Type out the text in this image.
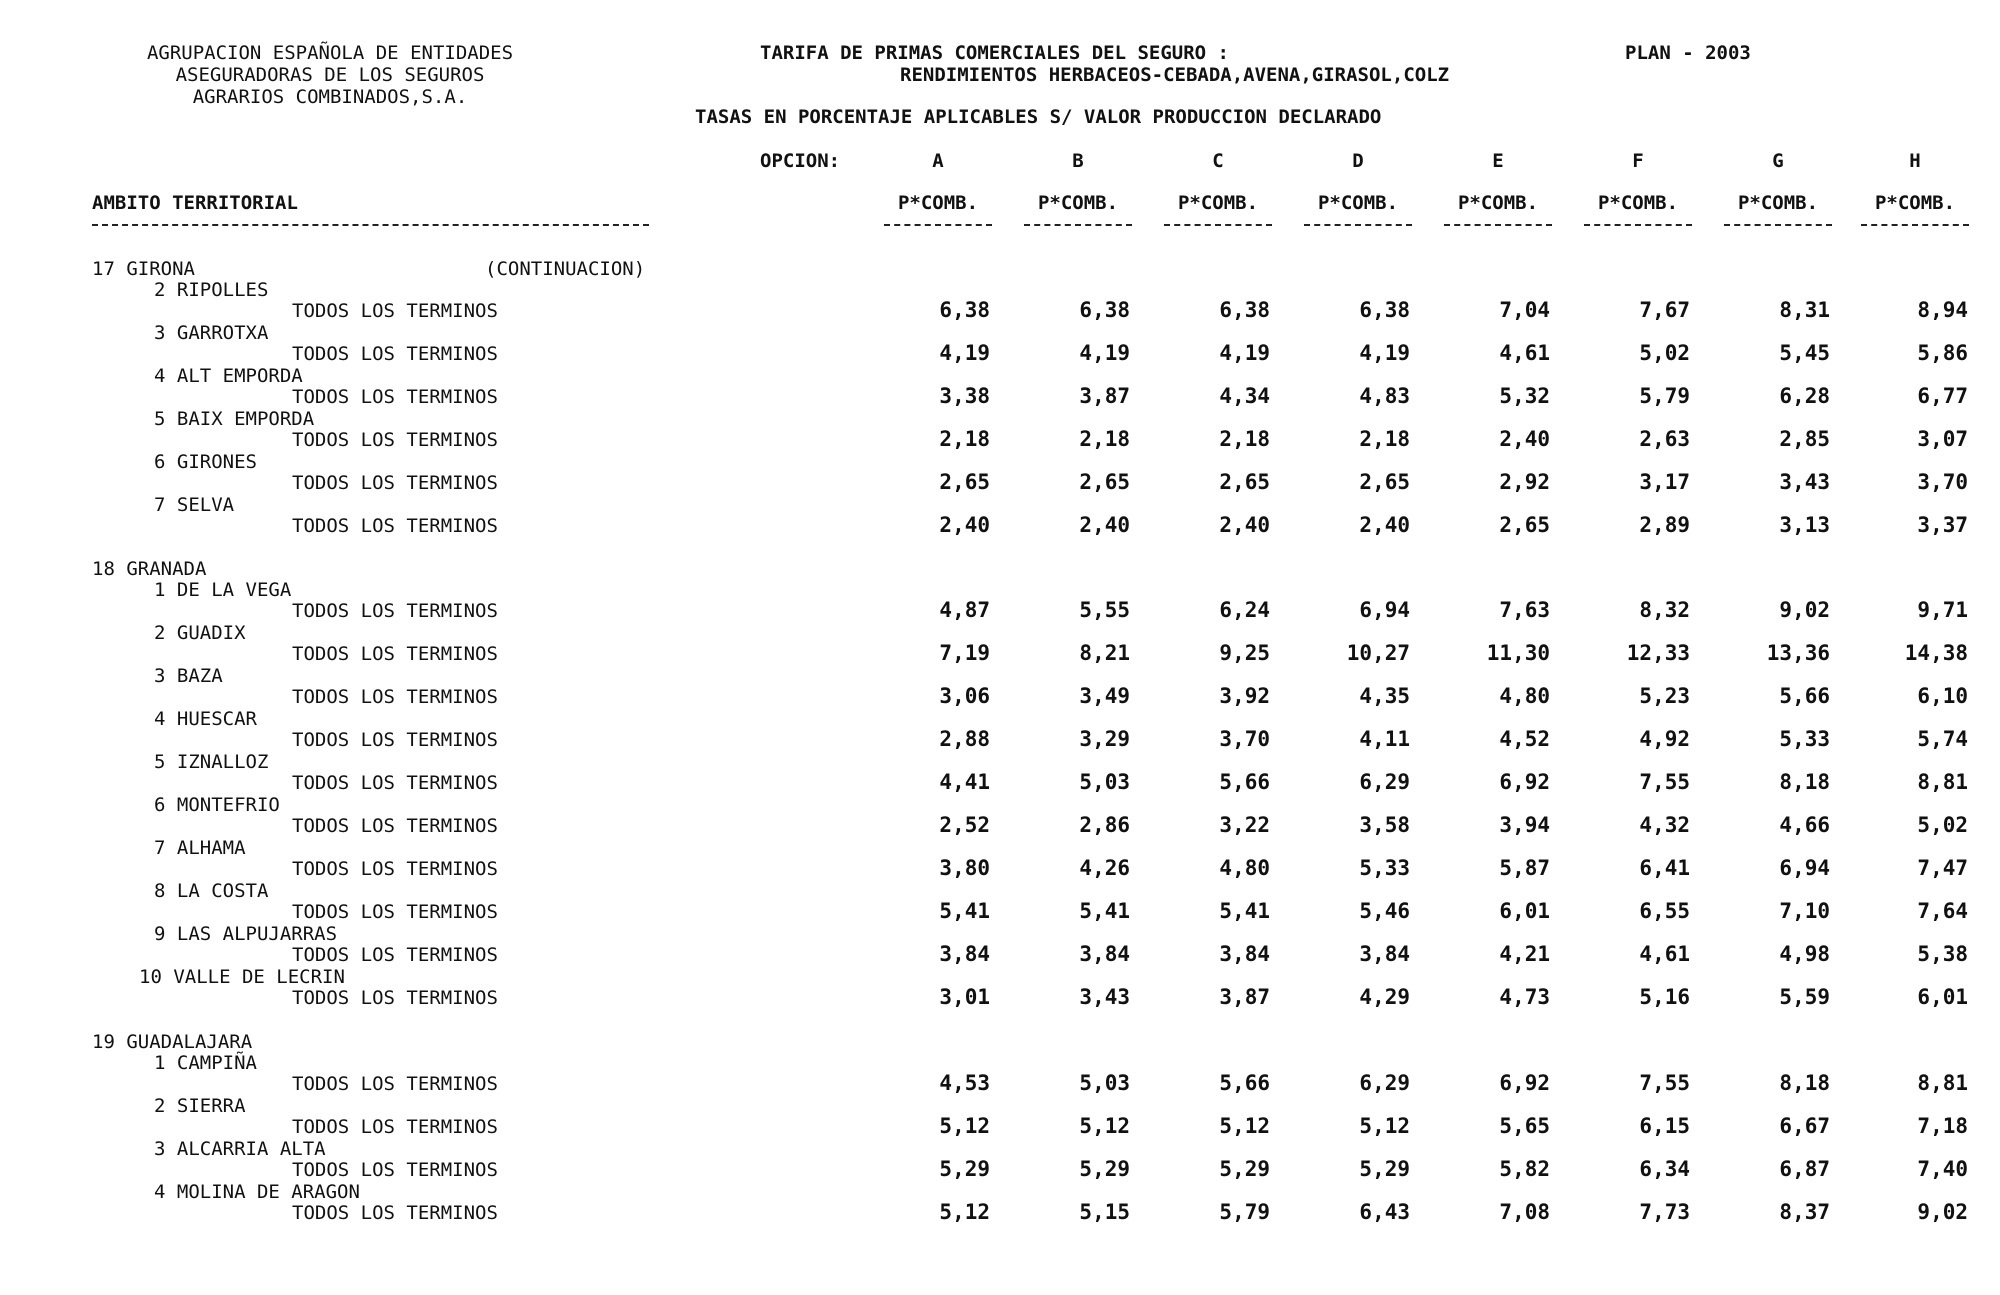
AGRUPACION ESPAÑOLA DE ENTIDADES
ASEGURADORAS DE LOS SEGUROS
AGRARIOS COMBINADOS,S.A.
TARIFA DE PRIMAS COMERCIALES DEL SEGURO :	PLAN - 2003
RENDIMIENTOS HERBACEOS-CEBADA,AVENA,GIRASOL,COLZ
TASAS EN PORCENTAJE APLICABLES S/ VALOR PRODUCCION DECLARADO
OPCION:	A	B	C	D	E	F	G	H
AMBITO TERRITORIAL	P*COMB.	P*COMB.	P*COMB.	P*COMB.	P*COMB.	P*COMB.	P*COMB.	P*COMB.
17 GIRONA	(CONTINUACION)
2 RIPOLLES
TODOS LOS TERMINOS	6,38	6,38	6,38	6,38	7,04	7,67	8,31	8,94
3 GARROTXA
TODOS LOS TERMINOS	4,19	4,19	4,19	4,19	4,61	5,02	5,45	5,86
4 ALT EMPORDA
TODOS LOS TERMINOS	3,38	3,87	4,34	4,83	5,32	5,79	6,28	6,77
5 BAIX EMPORDA
TODOS LOS TERMINOS	2,18	2,18	2,18	2,18	2,40	2,63	2,85	3,07
6 GIRONES
TODOS LOS TERMINOS	2,65	2,65	2,65	2,65	2,92	3,17	3,43	3,70
7 SELVA
TODOS LOS TERMINOS	2,40	2,40	2,40	2,40	2,65	2,89	3,13	3,37
18 GRANADA
1 DE LA VEGA
TODOS LOS TERMINOS	4,87	5,55	6,24	6,94	7,63	8,32	9,02	9,71
2 GUADIX
TODOS LOS TERMINOS	7,19	8,21	9,25	10,27	11,30	12,33	13,36	14,38
3 BAZA
TODOS LOS TERMINOS	3,06	3,49	3,92	4,35	4,80	5,23	5,66	6,10
4 HUESCAR
TODOS LOS TERMINOS	2,88	3,29	3,70	4,11	4,52	4,92	5,33	5,74
5 IZNALLOZ
TODOS LOS TERMINOS	4,41	5,03	5,66	6,29	6,92	7,55	8,18	8,81
6 MONTEFRIO
TODOS LOS TERMINOS	2,52	2,86	3,22	3,58	3,94	4,32	4,66	5,02
7 ALHAMA
TODOS LOS TERMINOS	3,80	4,26	4,80	5,33	5,87	6,41	6,94	7,47
8 LA COSTA
TODOS LOS TERMINOS	5,41	5,41	5,41	5,46	6,01	6,55	7,10	7,64
9 LAS ALPUJARRAS
TODOS LOS TERMINOS	3,84	3,84	3,84	3,84	4,21	4,61	4,98	5,38
10 VALLE DE LECRIN
TODOS LOS TERMINOS	3,01	3,43	3,87	4,29	4,73	5,16	5,59	6,01
19 GUADALAJARA
1 CAMPIÑA
TODOS LOS TERMINOS	4,53	5,03	5,66	6,29	6,92	7,55	8,18	8,81
2 SIERRA
TODOS LOS TERMINOS	5,12	5,12	5,12	5,12	5,65	6,15	6,67	7,18
3 ALCARRIA ALTA
TODOS LOS TERMINOS	5,29	5,29	5,29	5,29	5,82	6,34	6,87	7,40
4 MOLINA DE ARAGON
TODOS LOS TERMINOS	5,12	5,15	5,79	6,43	7,08	7,73	8,37	9,02
